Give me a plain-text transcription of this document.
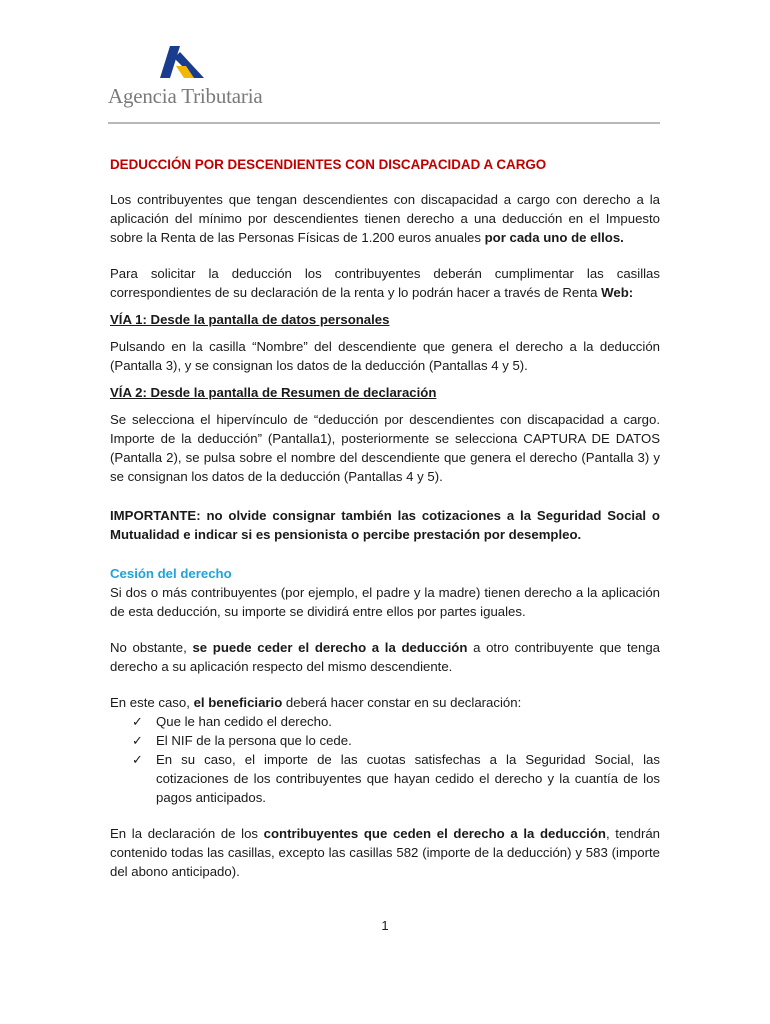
Agencia Tributaria
DEDUCCIÓN POR DESCENDIENTES CON DISCAPACIDAD A CARGO

Los contribuyentes que tengan descendientes con discapacidad a cargo con derecho a la aplicación del mínimo por descendientes tienen derecho a una deducción en el Impuesto sobre la Renta de las Personas Físicas de 1.200 euros anuales por cada uno de ellos.

Para solicitar la deducción los contribuyentes deberán cumplimentar las casillas correspondientes de su declaración de la renta y lo podrán hacer a través de Renta Web:

VÍA 1: Desde la pantalla de datos personales

Pulsando en la casilla “Nombre” del descendiente que genera el derecho a la deducción (Pantalla 3), y se consignan los datos de la deducción (Pantallas 4 y 5).

VÍA 2: Desde la pantalla de Resumen de declaración

Se selecciona el hipervínculo de “deducción por descendientes con discapacidad a cargo. Importe de la deducción” (Pantalla1), posteriormente se selecciona CAPTURA DE DATOS (Pantalla 2), se pulsa sobre el nombre del descendiente que genera el derecho (Pantalla 3) y se consignan los datos de la deducción (Pantallas 4 y 5).

IMPORTANTE: no olvide consignar también las cotizaciones a la Seguridad Social o Mutualidad e indicar si es pensionista o percibe prestación por desempleo.

Cesión del derecho

Si dos o más contribuyentes (por ejemplo, el padre y la madre) tienen derecho a la aplicación de esta deducción, su importe se dividirá entre ellos por partes iguales.

No obstante, se puede ceder el derecho a la deducción a otro contribuyente que tenga derecho a su aplicación respecto del mismo descendiente.

En este caso, el beneficiario deberá hacer constar en su declaración:

✓ Que le han cedido el derecho.
✓ El NIF de la persona que lo cede.
✓ En su caso, el importe de las cuotas satisfechas a la Seguridad Social, las cotizaciones de los contribuyentes que hayan cedido el derecho y la cuantía de los pagos anticipados.

En la declaración de los contribuyentes que ceden el derecho a la deducción, tendrán contenido todas las casillas, excepto las casillas 582 (importe de la deducción) y 583 (importe del abono anticipado).

1
